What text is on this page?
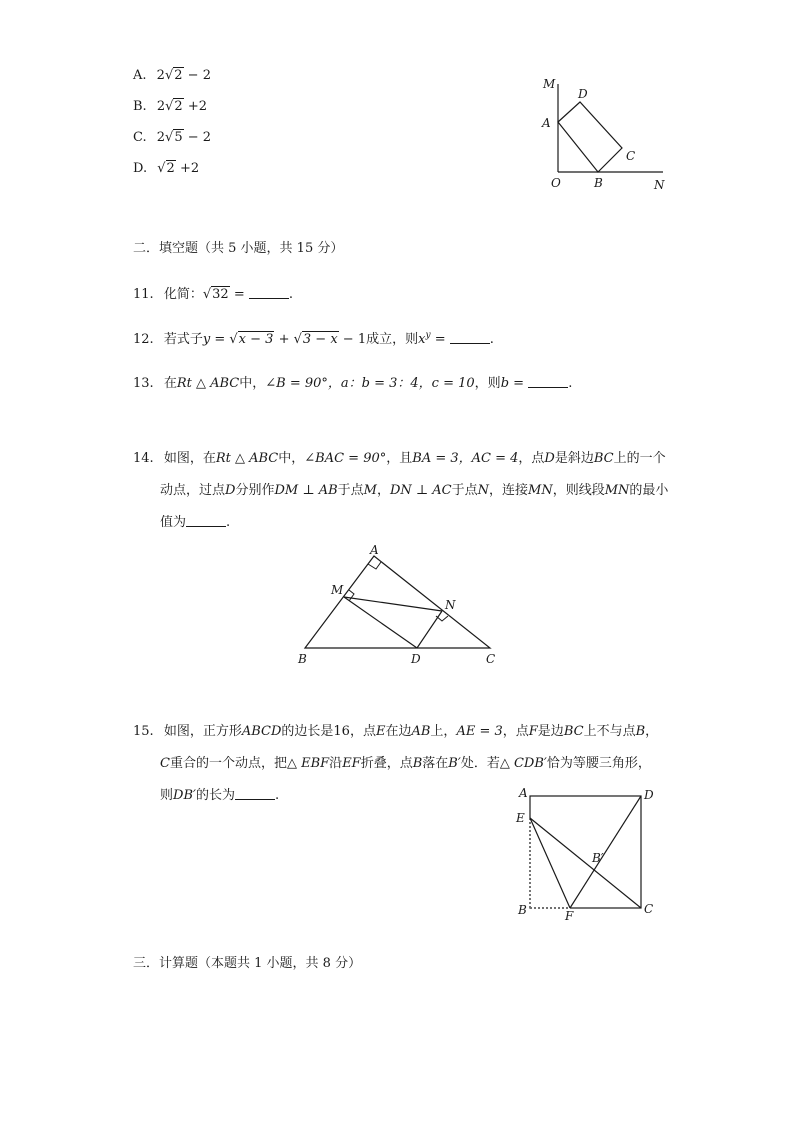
A. 2√2 − 2
B. 2√2 +2
C. 2√5 − 2
D. √2 +2
M
D
A
C
O	B	N
二．填空题（共 5 小题，共 15 分）
11. 化简：√32 =	.
12. 若式子y = √x − 3 + √3 − x − 1成立，则$x^y$ =	.
13. 在Rt △ ABC中，∠B = 90°，a：b = 3：4，c = 10，则b =	.
14. 如图，在Rt △ ABC中，∠BAC = 90°，且BA = 3，AC = 4，点D是斜边BC上的一个
动点，过点D分别作DM ⊥ AB于点M，DN ⊥ AC于点N，连接MN，则线段MN的最小
值为	.
A
M
N
B	D	C
15. 如图，正方形ABCD的边长是16，点E在边AB上，AE = 3，点F是边BC上不与点B，
C重合的一个动点，把△ EBF沿EF折叠，点B落在B′处．若△ CDB′恰为等腰三角形，
则DB′的长为	.	A	D
E
B′
B	F	C
三．计算题（本题共 1 小题，共 8 分）
